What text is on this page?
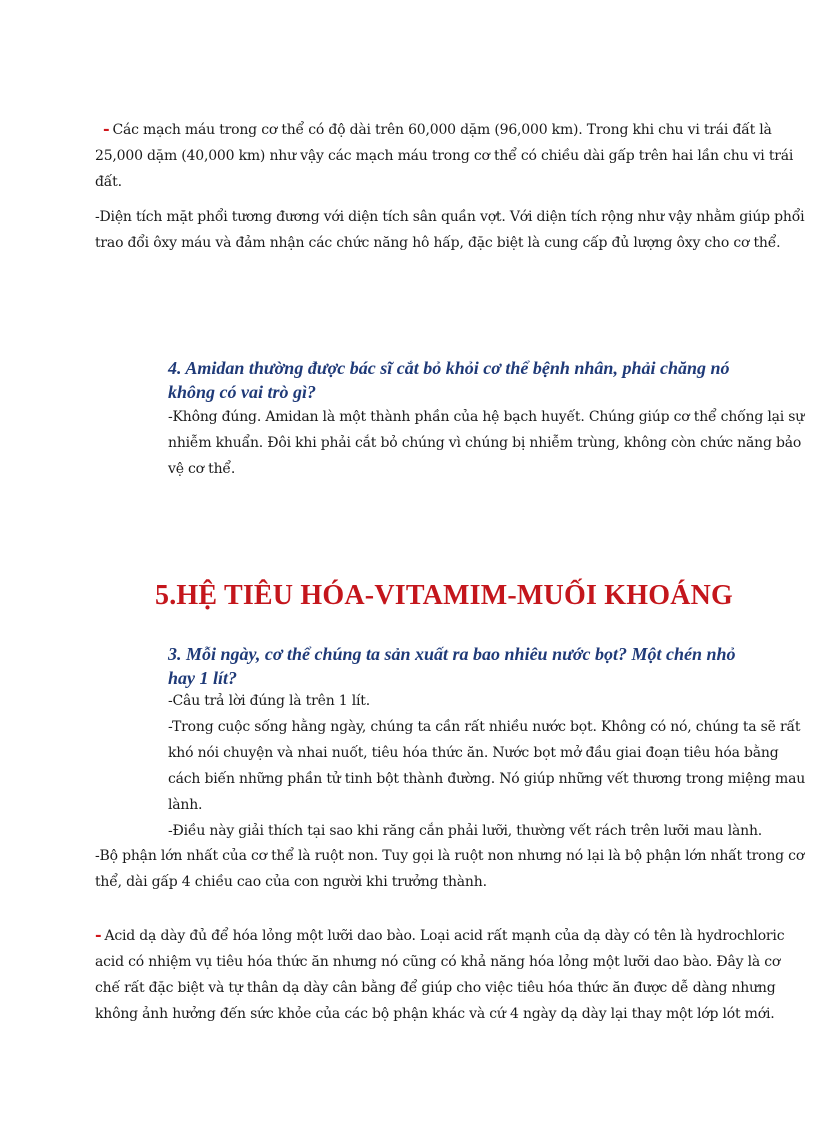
- Các mạch máu trong cơ thể có độ dài trên 60,000 dặm (96,000 km). Trong khi chu vi trái đất là
25,000 dặm (40,000 km) như vậy các mạch máu trong cơ thể có chiều dài gấp trên hai lần chu vi trái
đất.
-Diện tích mặt phổi tương đương với diện tích sân quần vợt. Với diện tích rộng như vậy nhằm giúp phổi
trao đổi ôxy máu và đảm nhận các chức năng hô hấp, đặc biệt là cung cấp đủ lượng ôxy cho cơ thể.
4. Amidan thường được bác sĩ cắt bỏ khỏi cơ thể bệnh nhân, phải chăng nó
không có vai trò gì?
-Không đúng. Amidan là một thành phần của hệ bạch huyết. Chúng giúp cơ thể chống lại sự
nhiễm khuẩn. Đôi khi phải cắt bỏ chúng vì chúng bị nhiễm trùng, không còn chức năng bảo
vệ cơ thể.
5.HỆ TIÊU HÓA-VITAMIM-MUỐI KHOÁNG
3. Mỗi ngày, cơ thể chúng ta sản xuất ra bao nhiêu nước bọt? Một chén nhỏ
hay 1 lít?
-Câu trả lời đúng là trên 1 lít.
-Trong cuộc sống hằng ngày, chúng ta cần rất nhiều nước bọt. Không có nó, chúng ta sẽ rất
khó nói chuyện và nhai nuốt, tiêu hóa thức ăn. Nước bọt mở đầu giai đoạn tiêu hóa bằng
cách biến những phần tử tinh bột thành đường. Nó giúp những vết thương trong miệng mau
lành.
-Điều này giải thích tại sao khi răng cắn phải lưỡi, thường vết rách trên lưỡi mau lành.
-Bộ phận lớn nhất của cơ thể là ruột non. Tuy gọi là ruột non nhưng nó lại là bộ phận lớn nhất trong cơ
thể, dài gấp 4 chiều cao của con người khi trưởng thành.
- Acid dạ dày đủ để hóa lỏng một lưỡi dao bào. Loại acid rất mạnh của dạ dày có tên là hydrochloric
acid có nhiệm vụ tiêu hóa thức ăn nhưng nó cũng có khả năng hóa lỏng một lưỡi dao bào. Đây là cơ
chế rất đặc biệt và tự thân dạ dày cân bằng để giúp cho việc tiêu hóa thức ăn được dễ dàng nhưng
không ảnh hưởng đến sức khỏe của các bộ phận khác và cứ 4 ngày dạ dày lại thay một lớp lót mới.
